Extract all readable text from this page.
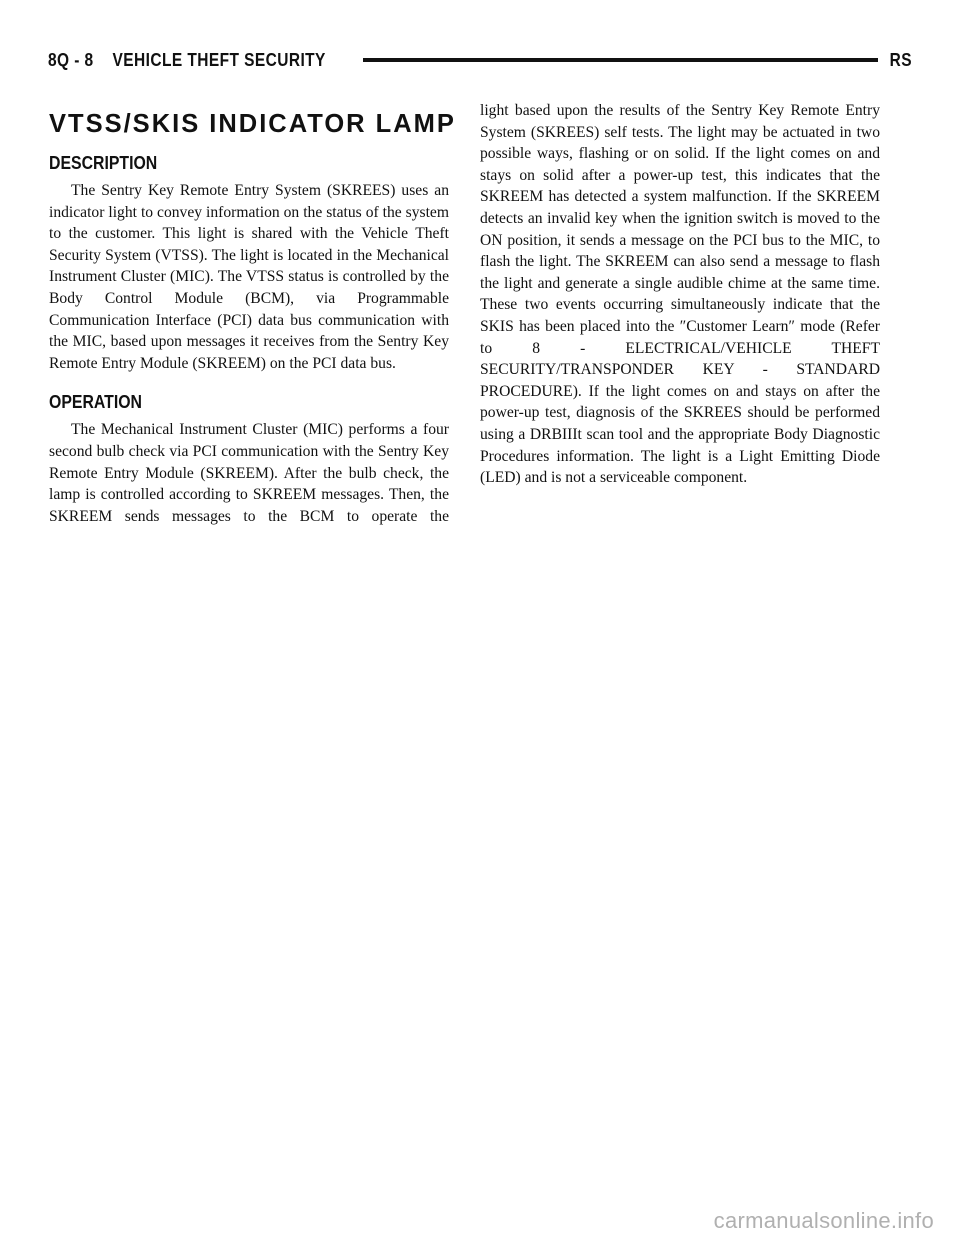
8Q - 8    VEHICLE THEFT SECURITY	RS
VTSS/SKIS INDICATOR LAMP
DESCRIPTION

The Sentry Key Remote Entry System (SKREES) uses an indicator light to convey information on the status of the system to the customer. This light is shared with the Vehicle Theft Security System (VTSS). The light is located in the Mechanical Instrument Cluster (MIC). The VTSS status is controlled by the Body Control Module (BCM), via Programmable Communication Interface (PCI) data bus communication with the MIC, based upon messages it receives from the Sentry Key Remote Entry Module (SKREEM) on the PCI data bus.

OPERATION

The Mechanical Instrument Cluster (MIC) performs a four second bulb check via PCI communication with the Sentry Key Remote Entry Module (SKREEM). After the bulb check, the lamp is controlled according to SKREEM messages. Then, the SKREEM sends messages to the BCM to operate the

light based upon the results of the Sentry Key Remote Entry System (SKREES) self tests. The light may be actuated in two possible ways, flashing or on solid. If the light comes on and stays on solid after a power-up test, this indicates that the SKREEM has detected a system malfunction. If the SKREEM detects an invalid key when the ignition switch is moved to the ON position, it sends a message on the PCI bus to the MIC, to flash the light. The SKREEM can also send a message to flash the light and generate a single audible chime at the same time. These two events occurring simultaneously indicate that the SKIS has been placed into the ″Customer Learn″ mode (Refer to 8 - ELECTRICAL/VEHICLE THEFT SECURITY/TRANSPONDER KEY - STANDARD PROCEDURE). If the light comes on and stays on after the power-up test, diagnosis of the SKREES should be performed using a DRBIIIt scan tool and the appropriate Body Diagnostic Procedures information. The light is a Light Emitting Diode (LED) and is not a serviceable component.

carmanualsonline.info
